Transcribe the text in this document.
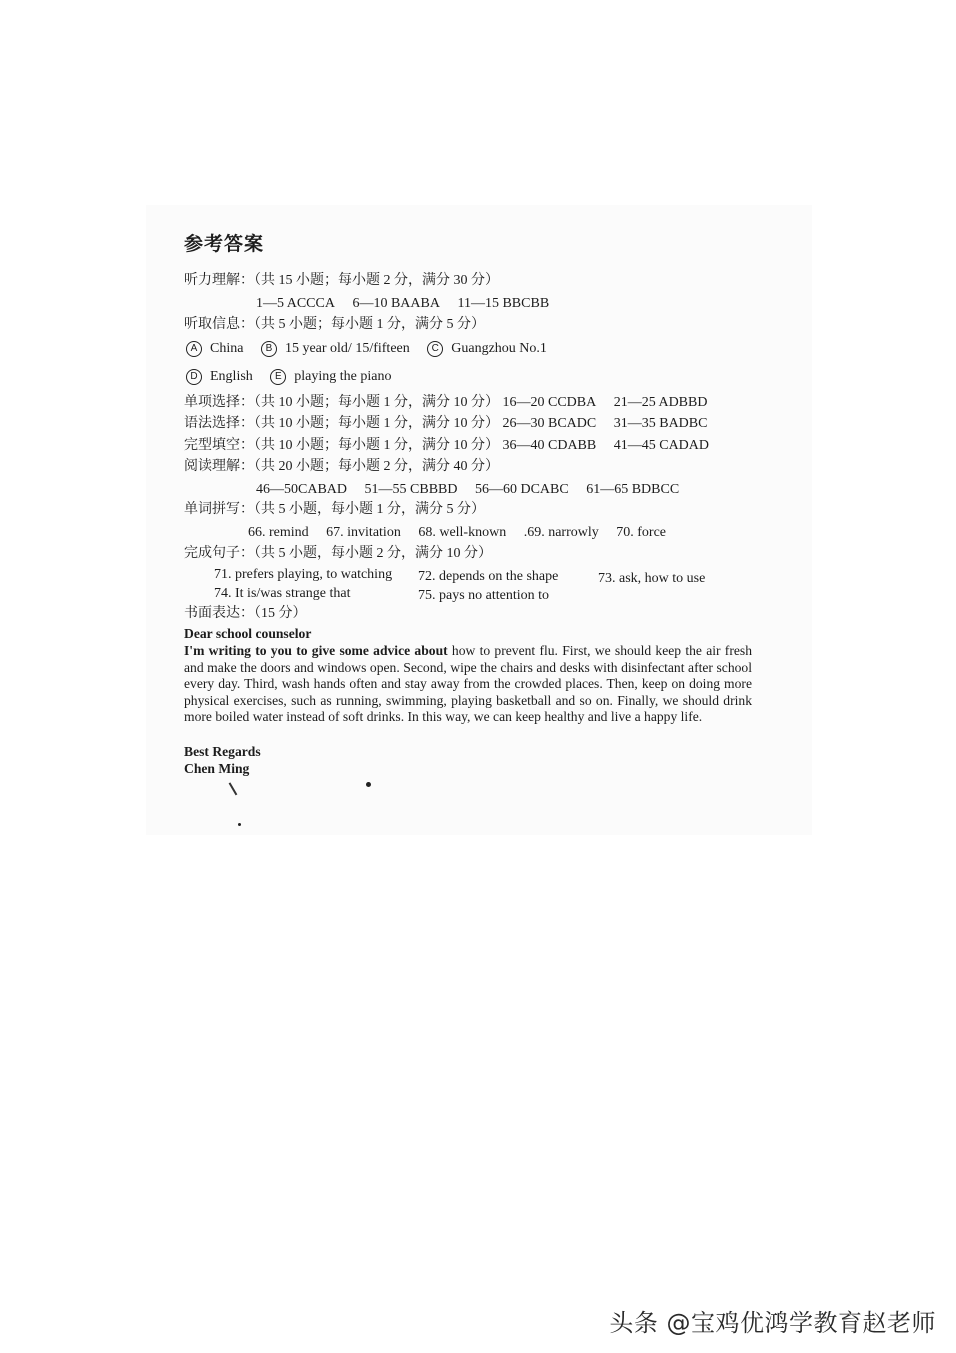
参考答案
听力理解：（共 15 小题；每小题 2 分，满分 30 分）
1—5 ACCCA 6—10 BAABA 11—15 BBCBB
听取信息：（共 5 小题；每小题 1 分，满分 5 分）
A China B 15 year old/ 15/fifteen C Guangzhou No.1
D English E playing the piano
单项选择：（共 10 小题；每小题 1 分，满分 10 分） 16—20 CCDBA 21—25 ADBBD
语法选择：（共 10 小题；每小题 1 分，满分 10 分） 26—30 BCADC 31—35 BADBC
完型填空：（共 10 小题；每小题 1 分，满分 10 分） 36—40 CDABB 41—45 CADAD
阅读理解：（共 20 小题；每小题 2 分，满分 40 分）
46—50CABAD 51—55 CBBBD 56—60 DCABC 61—65 BDBCC
单词拼写：（共 5 小题，每小题 1 分，满分 5 分）
66. remind 67. invitation 68. well-known .69. narrowly 70. force
完成句子：（共 5 小题，每小题 2 分，满分 10 分）
71. prefers playing, to watching 72. depends on the shape	73. ask, how to use
74. It is/was strange that	75. pays no attention to
书面表达：（15 分）
Dear school counselor

I'm writing to you to give some advice about how to prevent flu. First, we should keep the air fresh and make the doors and windows open. Second, wipe the chairs and desks with disinfectant after school every day. Third, wash hands often and stay away from the crowded places. Then, keep on doing more physical exercises, such as running, swimming, playing basketball and so on. Finally, we should drink more boiled water instead of soft drinks. In this way, we can keep healthy and live a happy life.

Best Regards
Chen Ming
头条 @宝鸡优鸿学教育赵老师
